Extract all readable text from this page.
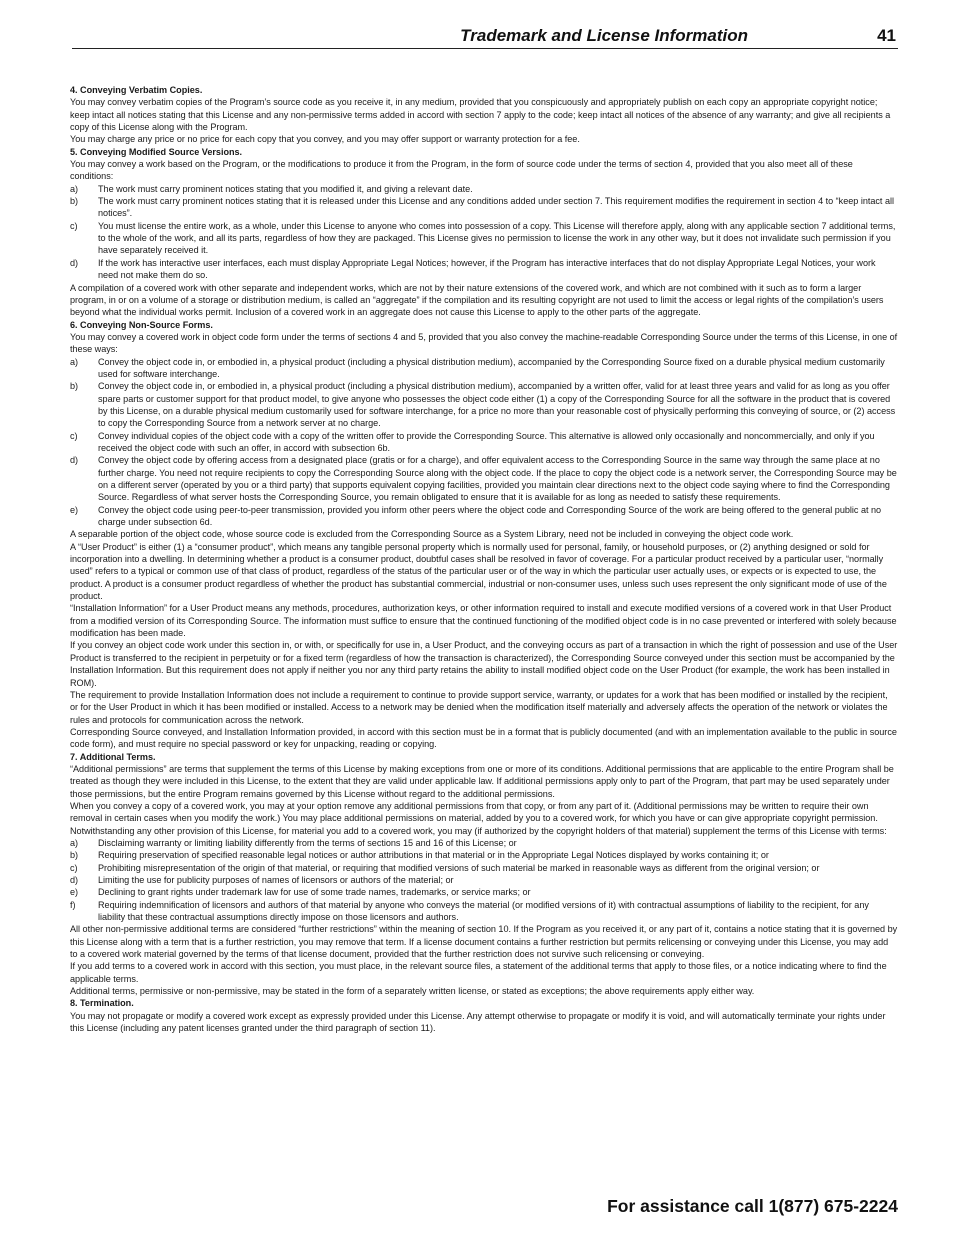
Trademark and License Information	41

4. Conveying Verbatim Copies.

You may convey verbatim copies of the Program’s source code as you receive it, in any medium, provided that you conspicuously and appropriately publish on each copy an appropriate copyright notice; keep intact all notices stating that this License and any non-permissive terms added in accord with section 7 apply to the code; keep intact all notices of the absence of any warranty; and give all recipients a copy of this License along with the Program.

You may charge any price or no price for each copy that you convey, and you may offer support or warranty protection for a fee.

5. Conveying Modified Source Versions.

You may convey a work based on the Program, or the modifications to produce it from the Program, in the form of source code under the terms of section 4, provided that you also meet all of these conditions:

a)	The work must carry prominent notices stating that you modified it, and giving a relevant date.
b)	The work must carry prominent notices stating that it is released under this License and any conditions added under section 7. This requirement modifies the requirement in section 4 to “keep intact all notices”.
c)	You must license the entire work, as a whole, under this License to anyone who comes into possession of a copy. This License will therefore apply, along with any applicable section 7 additional terms, to the whole of the work, and all its parts, regardless of how they are packaged. This License gives no permission to license the work in any other way, but it does not invalidate such permission if you have separately received it.
d)	If the work has interactive user interfaces, each must display Appropriate Legal Notices; however, if the Program has interactive interfaces that do not display Appropriate Legal Notices, your work need not make them do so.

A compilation of a covered work with other separate and independent works, which are not by their nature extensions of the covered work, and which are not combined with it such as to form a larger program, in or on a volume of a storage or distribution medium, is called an “aggregate” if the compilation and its resulting copyright are not used to limit the access or legal rights of the compilation’s users beyond what the individual works permit. Inclusion of a covered work in an aggregate does not cause this License to apply to the other parts of the aggregate.

6. Conveying Non-Source Forms.

You may convey a covered work in object code form under the terms of sections 4 and 5, provided that you also convey the machine-readable Corresponding Source under the terms of this License, in one of these ways:

a)	Convey the object code in, or embodied in, a physical product (including a physical distribution medium), accompanied by the Corresponding Source fixed on a durable physical medium customarily used for software interchange.
b)	Convey the object code in, or embodied in, a physical product (including a physical distribution medium), accompanied by a written offer, valid for at least three years and valid for as long as you offer spare parts or customer support for that product model, to give anyone who possesses the object code either (1) a copy of the Corresponding Source for all the software in the product that is covered by this License, on a durable physical medium customarily used for software interchange, for a price no more than your reasonable cost of physically performing this conveying of source, or (2) access to copy the Corresponding Source from a network server at no charge.
c)	Convey individual copies of the object code with a copy of the written offer to provide the Corresponding Source. This alternative is allowed only occasionally and noncommercially, and only if you received the object code with such an offer, in accord with subsection 6b.
d)	Convey the object code by offering access from a designated place (gratis or for a charge), and offer equivalent access to the Corresponding Source in the same way through the same place at no further charge. You need not require recipients to copy the Corresponding Source along with the object code. If the place to copy the object code is a network server, the Corresponding Source may be on a different server (operated by you or a third party) that supports equivalent copying facilities, provided you maintain clear directions next to the object code saying where to find the Corresponding Source. Regardless of what server hosts the Corresponding Source, you remain obligated to ensure that it is available for as long as needed to satisfy these requirements.
e)	Convey the object code using peer-to-peer transmission, provided you inform other peers where the object code and Corresponding Source of the work are being offered to the general public at no charge under subsection 6d.

A separable portion of the object code, whose source code is excluded from the Corresponding Source as a System Library, need not be included in conveying the object code work.

A “User Product” is either (1) a “consumer product”, which means any tangible personal property which is normally used for personal, family, or household purposes, or (2) anything designed or sold for incorporation into a dwelling. In determining whether a product is a consumer product, doubtful cases shall be resolved in favor of coverage. For a particular product received by a particular user, “normally used” refers to a typical or common use of that class of product, regardless of the status of the particular user or of the way in which the particular user actually uses, or expects or is expected to use, the product. A product is a consumer product regardless of whether the product has substantial commercial, industrial or non-consumer uses, unless such uses represent the only significant mode of use of the product.

“Installation Information” for a User Product means any methods, procedures, authorization keys, or other information required to install and execute modified versions of a covered work in that User Product from a modified version of its Corresponding Source. The information must suffice to ensure that the continued functioning of the modified object code is in no case prevented or interfered with solely because modification has been made.

If you convey an object code work under this section in, or with, or specifically for use in, a User Product, and the conveying occurs as part of a transaction in which the right of possession and use of the User Product is transferred to the recipient in perpetuity or for a fixed term (regardless of how the transaction is characterized), the Corresponding Source conveyed under this section must be accompanied by the Installation Information. But this requirement does not apply if neither you nor any third party retains the ability to install modified object code on the User Product (for example, the work has been installed in ROM).

The requirement to provide Installation Information does not include a requirement to continue to provide support service, warranty, or updates for a work that has been modified or installed by the recipient, or for the User Product in which it has been modified or installed. Access to a network may be denied when the modification itself materially and adversely affects the operation of the network or violates the rules and protocols for communication across the network.

Corresponding Source conveyed, and Installation Information provided, in accord with this section must be in a format that is publicly documented (and with an implementation available to the public in source code form), and must require no special password or key for unpacking, reading or copying.

7. Additional Terms.

“Additional permissions” are terms that supplement the terms of this License by making exceptions from one or more of its conditions. Additional permissions that are applicable to the entire Program shall be treated as though they were included in this License, to the extent that they are valid under applicable law. If additional permissions apply only to part of the Program, that part may be used separately under those permissions, but the entire Program remains governed by this License without regard to the additional permissions.

When you convey a copy of a covered work, you may at your option remove any additional permissions from that copy, or from any part of it. (Additional permissions may be written to require their own removal in certain cases when you modify the work.) You may place additional permissions on material, added by you to a covered work, for which you have or can give appropriate copyright permission.

Notwithstanding any other provision of this License, for material you add to a covered work, you may (if authorized by the copyright holders of that material) supplement the terms of this License with terms:

a)	Disclaiming warranty or limiting liability differently from the terms of sections 15 and 16 of this License; or
b)	Requiring preservation of specified reasonable legal notices or author attributions in that material or in the Appropriate Legal Notices displayed by works containing it; or
c)	Prohibiting misrepresentation of the origin of that material, or requiring that modified versions of such material be marked in reasonable ways as different from the original version; or
d)	Limiting the use for publicity purposes of names of licensors or authors of the material; or
e)	Declining to grant rights under trademark law for use of some trade names, trademarks, or service marks; or
f)	Requiring indemnification of licensors and authors of that material by anyone who conveys the material (or modified versions of it) with contractual assumptions of liability to the recipient, for any liability that these contractual assumptions directly impose on those licensors and authors.

All other non-permissive additional terms are considered “further restrictions” within the meaning of section 10. If the Program as you received it, or any part of it, contains a notice stating that it is governed by this License along with a term that is a further restriction, you may remove that term. If a license document contains a further restriction but permits relicensing or conveying under this License, you may add to a covered work material governed by the terms of that license document, provided that the further restriction does not survive such relicensing or conveying.

If you add terms to a covered work in accord with this section, you must place, in the relevant source files, a statement of the additional terms that apply to those files, or a notice indicating where to find the applicable terms.

Additional terms, permissive or non-permissive, may be stated in the form of a separately written license, or stated as exceptions; the above requirements apply either way.

8. Termination.

You may not propagate or modify a covered work except as expressly provided under this License. Any attempt otherwise to propagate or modify it is void, and will automatically terminate your rights under this License (including any patent licenses granted under the third paragraph of section 11).

For assistance call 1(877) 675-2224
